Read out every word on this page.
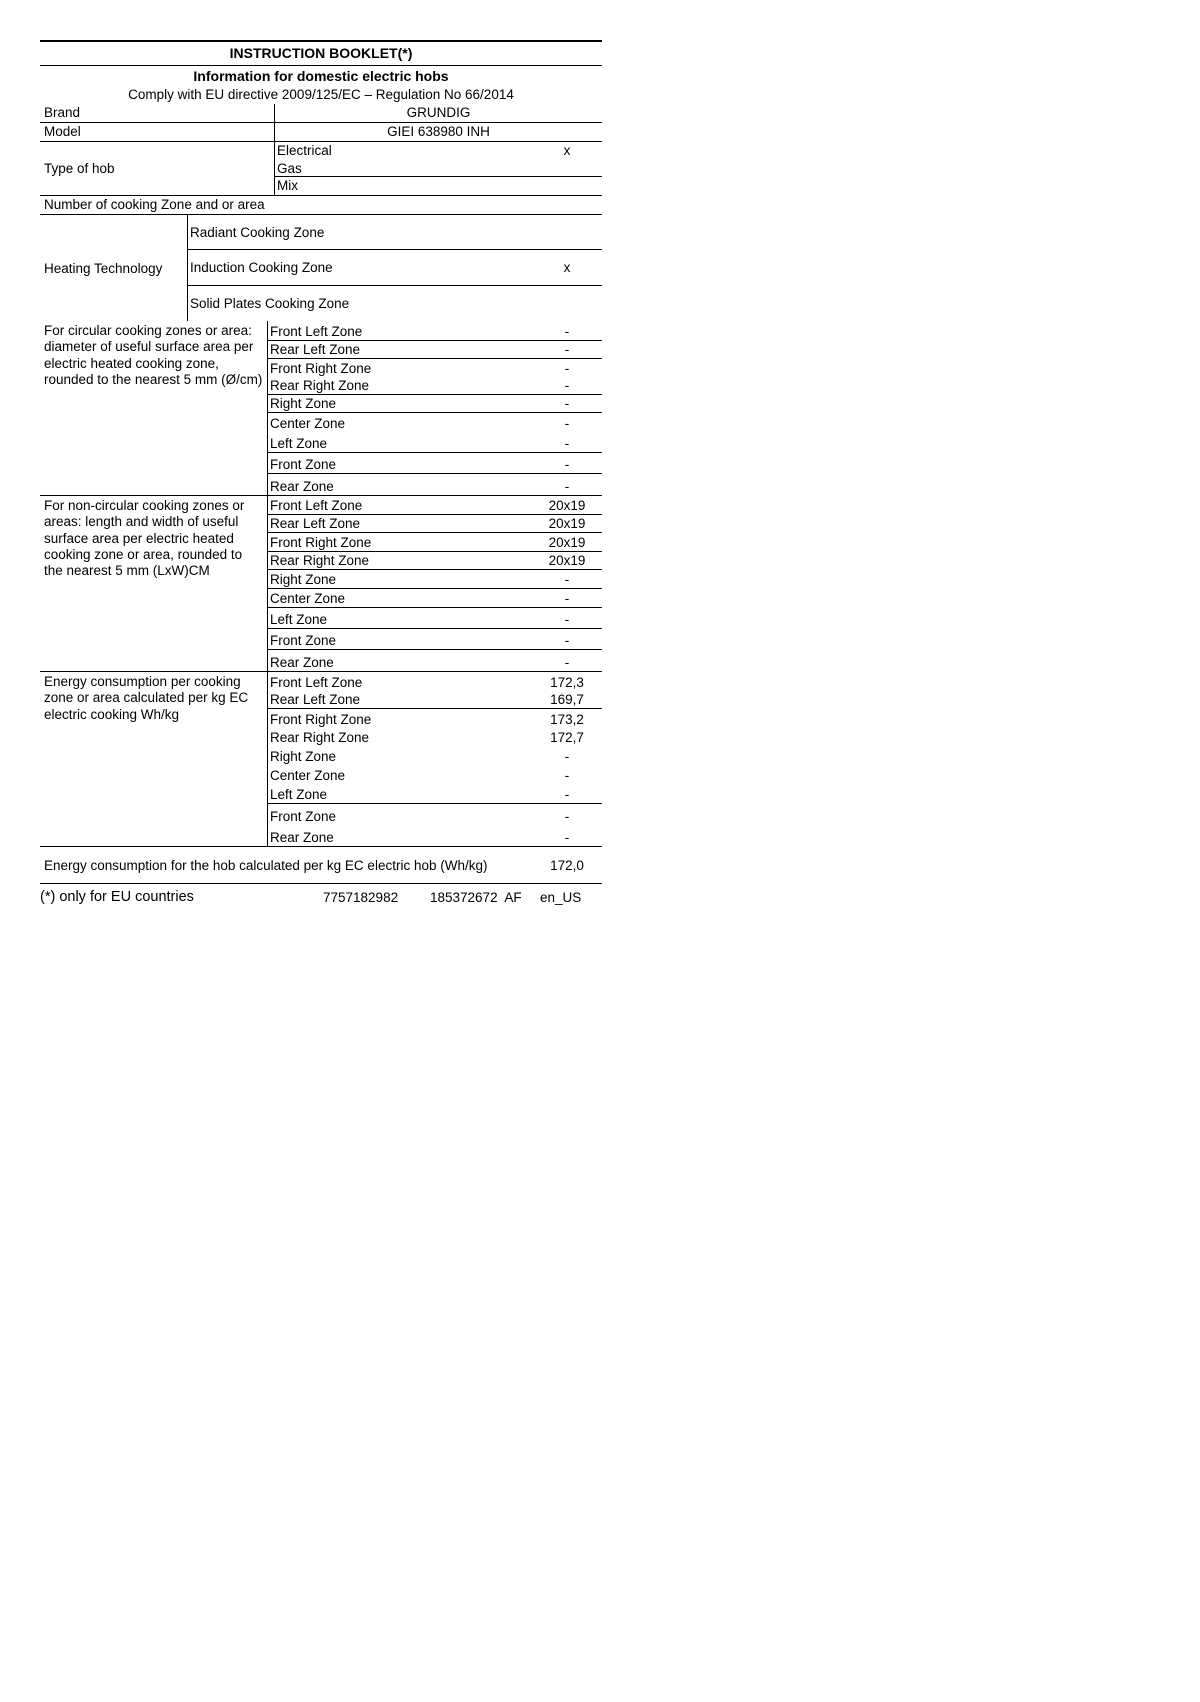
INSTRUCTION BOOKLET(*)
Information for domestic electric hobs
Comply with EU directive 2009/125/EC – Regulation No 66/2014
Brand	GRUNDIG
Model	GIEI 638980 INH
Type of hob
Electrical	x
Gas
Mix
Number of cooking Zone and or area
Heating Technology
Radiant Cooking Zone
Induction Cooking Zone	x
Solid Plates Cooking Zone
For circular cooking zones or area: diameter of useful surface area per electric heated cooking zone, rounded to the nearest 5 mm (Ø/cm)
Front Left Zone	-
Rear Left Zone	-
Front Right Zone	-
Rear Right Zone	-
Right Zone	-
Center Zone	-
Left Zone	-
Front Zone	-
Rear Zone	-
For non-circular cooking zones or areas: length and width of useful surface area per electric heated cooking zone or area, rounded to the nearest 5 mm (LxW)CM
Front Left Zone	20x19
Rear Left Zone	20x19
Front Right Zone	20x19
Rear Right Zone	20x19
Right Zone	-
Center Zone	-
Left Zone	-
Front Zone	-
Rear Zone	-
Energy consumption per cooking zone or area calculated per kg EC electric cooking Wh/kg
Front Left Zone	172,3
Rear Left Zone	169,7
Front Right Zone	173,2
Rear Right Zone	172,7
Right Zone	-
Center Zone	-
Left Zone	-
Front Zone	-
Rear Zone	-
Energy consumption for the hob calculated per kg EC electric hob (Wh/kg)	172,0
(*) only for EU countries	7757182982	185372672  AF	en_US
